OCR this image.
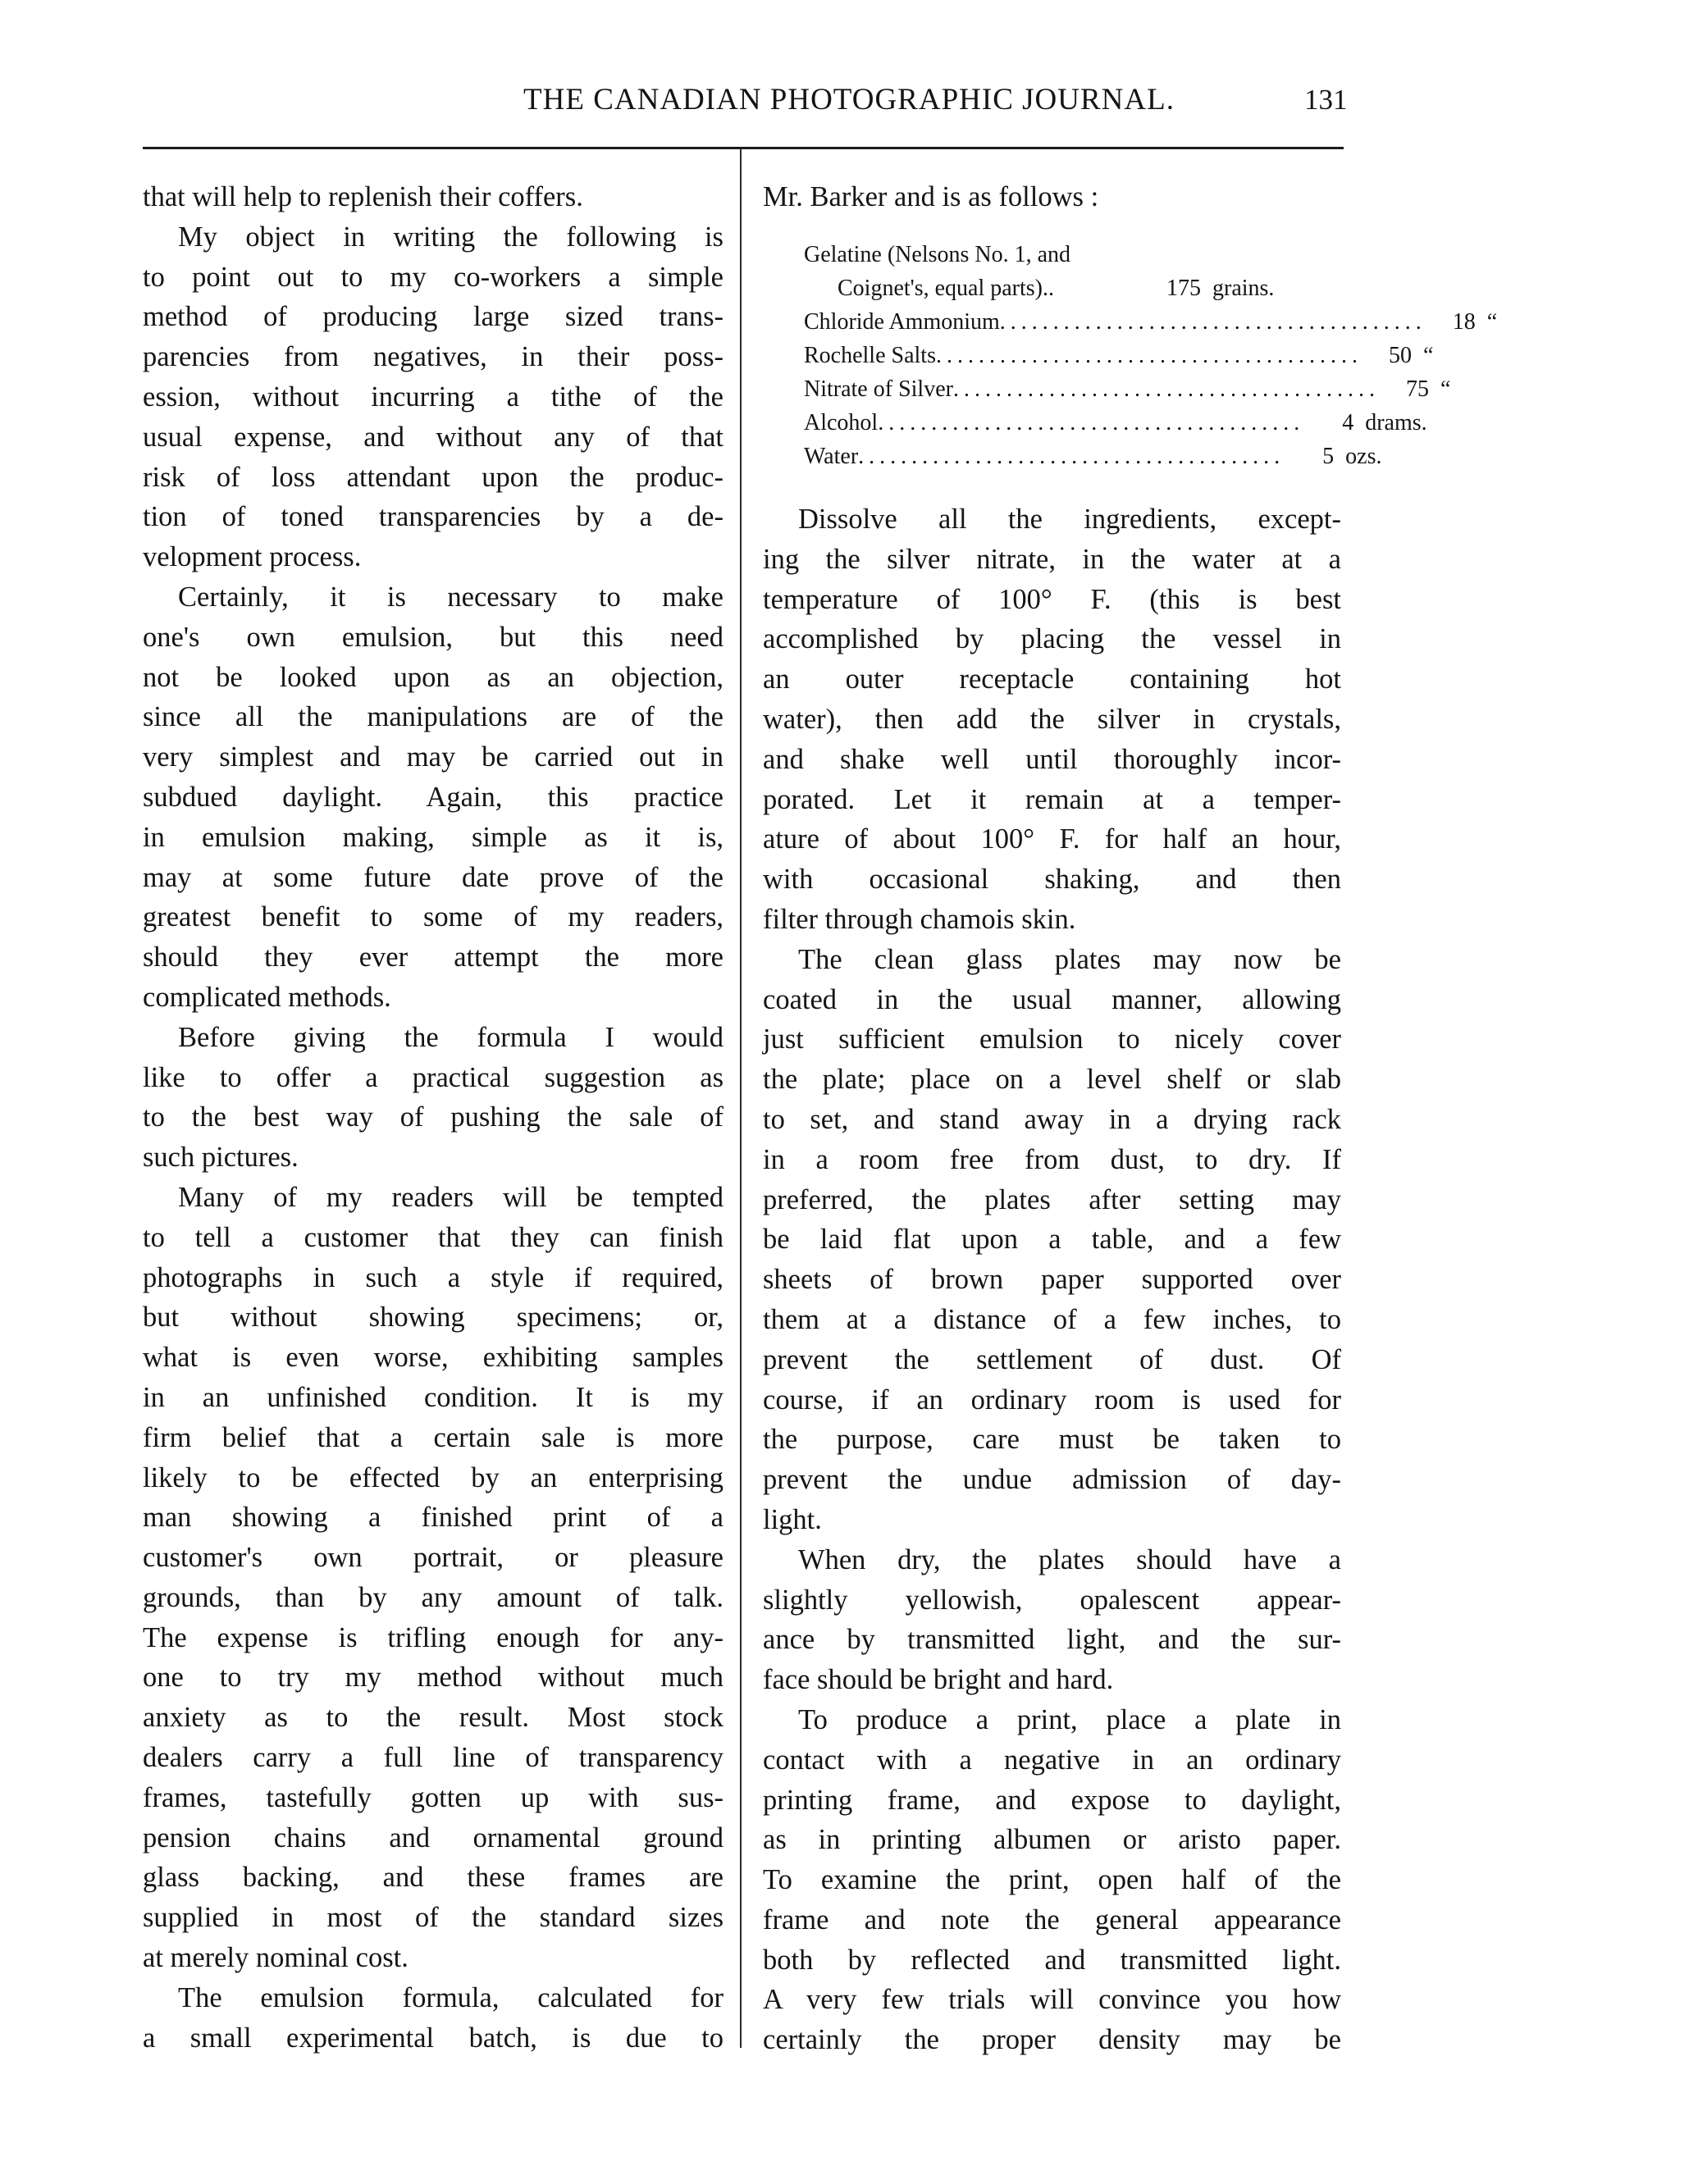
THE CANADIAN PHOTOGRAPHIC JOURNAL.	131
that will help to replenish their coffers.
My object in writing the following is
to point out to my co-workers a simple
method of producing large sized trans-
parencies from negatives, in their poss-
ession, without incurring a tithe of the
usual expense, and without any of that
risk of loss attendant upon the produc-
tion of toned transparencies by a de-
velopment process.
Certainly, it is necessary to make
one's own emulsion, but this need
not be looked upon as an objection,
since all the manipulations are of the
very simplest and may be carried out in
subdued daylight. Again, this practice
in emulsion making, simple as it is,
may at some future date prove of the
greatest benefit to some of my readers,
should they ever attempt the more
complicated methods.
Before giving the formula I would
like to offer a practical suggestion as
to the best way of pushing the sale of
such pictures.
Many of my readers will be tempted
to tell a customer that they can finish
photographs in such a style if required,
but without showing specimens; or,
what is even worse, exhibiting samples
in an unfinished condition. It is my
firm belief that a certain sale is more
likely to be effected by an enterprising
man showing a finished print of a
customer's own portrait, or pleasure
grounds, than by any amount of talk.
The expense is trifling enough for any-
one to try my method without much
anxiety as to the result. Most stock
dealers carry a full line of transparency
frames, tastefully gotten up with sus-
pension chains and ornamental ground
glass backing, and these frames are
supplied in most of the standard sizes
at merely nominal cost.
The emulsion formula, calculated for
a small experimental batch, is due to
Mr. Barker and is as follows :
Gelatine (Nelsons No. 1, and
Coignet's, equal parts)..	175 grains.
Chloride Ammonium ........................................	18 “
Rochelle Salts ........................................	50 “
Nitrate of Silver ........................................	75 “
Alcohol ........................................	4 drams.
Water ........................................	5 ozs.
Dissolve all the ingredients, except-
ing the silver nitrate, in the water at a
temperature of 100° F. (this is best
accomplished by placing the vessel in
an outer receptacle containing hot
water), then add the silver in crystals,
and shake well until thoroughly incor-
porated. Let it remain at a temper-
ature of about 100° F. for half an hour,
with occasional shaking, and then
filter through chamois skin.
The clean glass plates may now be
coated in the usual manner, allowing
just sufficient emulsion to nicely cover
the plate; place on a level shelf or slab
to set, and stand away in a drying rack
in a room free from dust, to dry. If
preferred, the plates after setting may
be laid flat upon a table, and a few
sheets of brown paper supported over
them at a distance of a few inches, to
prevent the settlement of dust. Of
course, if an ordinary room is used for
the purpose, care must be taken to
prevent the undue admission of day-
light.
When dry, the plates should have a
slightly yellowish, opalescent appear-
ance by transmitted light, and the sur-
face should be bright and hard.
To produce a print, place a plate in
contact with a negative in an ordinary
printing frame, and expose to daylight,
as in printing albumen or aristo paper.
To examine the print, open half of the
frame and note the general appearance
both by reflected and transmitted light.
A very few trials will convince you how
certainly the proper density may be
